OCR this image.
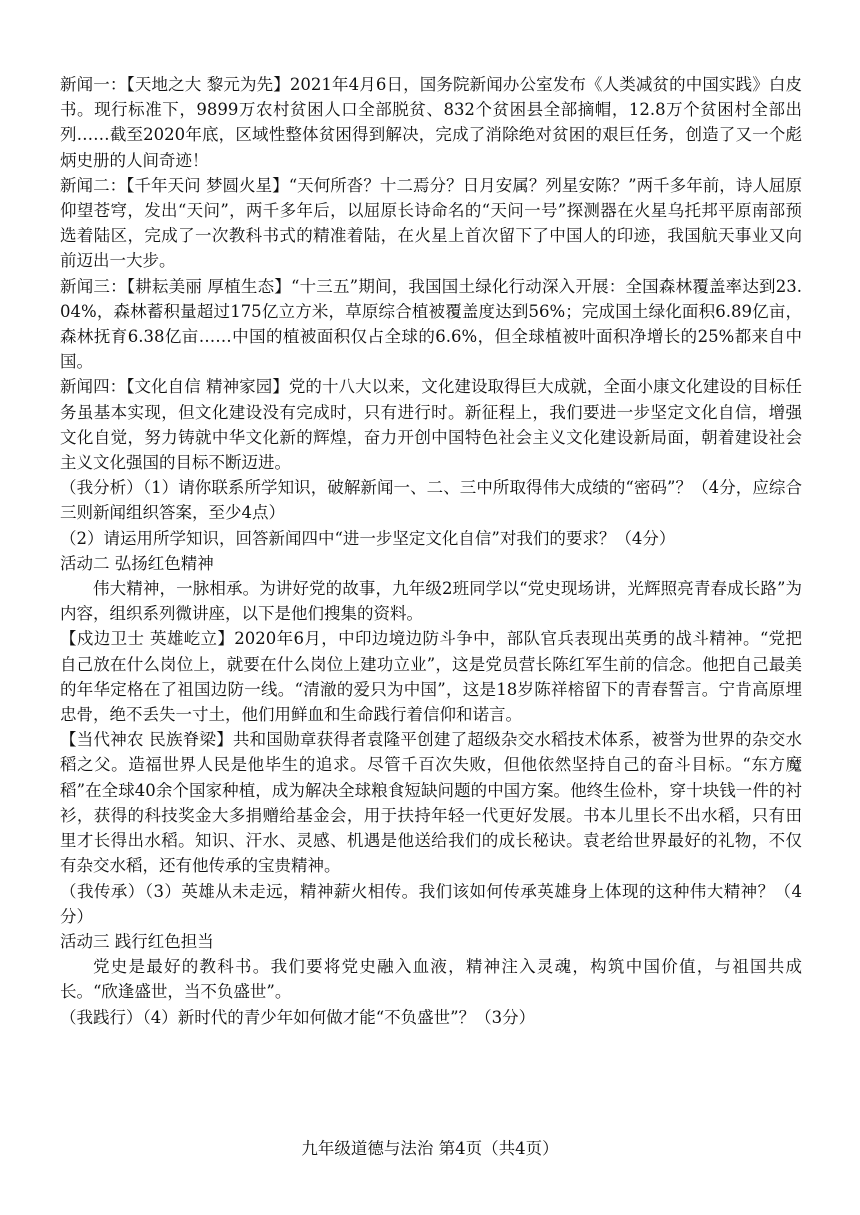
新闻一：【天地之大 黎元为先】2021年4月6日，国务院新闻办公室发布《人类减贫的中国实践》白皮书。现行标准下，9899万农村贫困人口全部脱贫、832个贫困县全部摘帽，12.8万个贫困村全部出列……截至2020年底，区域性整体贫困得到解决，完成了消除绝对贫困的艰巨任务，创造了又一个彪炳史册的人间奇迹！

新闻二：【千年天问 梦圆火星】“天何所沓？十二焉分？日月安属？列星安陈？”两千多年前，诗人屈原仰望苍穹，发出“天问”，两千多年后，以屈原长诗命名的“天问一号”探测器在火星乌托邦平原南部预选着陆区，完成了一次教科书式的精准着陆，在火星上首次留下了中国人的印迹，我国航天事业又向前迈出一大步。

新闻三：【耕耘美丽 厚植生态】“十三五”期间，我国国土绿化行动深入开展：全国森林覆盖率达到23.04%，森林蓄积量超过175亿立方米，草原综合植被覆盖度达到56%；完成国土绿化面积6.89亿亩，森林抚育6.38亿亩……中国的植被面积仅占全球的6.6%，但全球植被叶面积净增长的25%都来自中国。

新闻四：【文化自信 精神家园】党的十八大以来，文化建设取得巨大成就，全面小康文化建设的目标任务虽基本实现，但文化建设没有完成时，只有进行时。新征程上，我们要进一步坚定文化自信，增强文化自觉，努力铸就中华文化新的辉煌，奋力开创中国特色社会主义文化建设新局面，朝着建设社会主义文化强国的目标不断迈进。

（我分析）（1）请你联系所学知识，破解新闻一、二、三中所取得伟大成绩的“密码”？（4分，应综合三则新闻组织答案，至少4点）

（2）请运用所学知识，回答新闻四中“进一步坚定文化自信”对我们的要求？（4分）

活动二 弘扬红色精神

伟大精神，一脉相承。为讲好党的故事，九年级2班同学以“党史现场讲，光辉照亮青春成长路”为内容，组织系列微讲座，以下是他们搜集的资料。

【戍边卫士 英雄屹立】2020年6月，中印边境边防斗争中，部队官兵表现出英勇的战斗精神。“党把自己放在什么岗位上，就要在什么岗位上建功立业”，这是党员营长陈红军生前的信念。他把自己最美的年华定格在了祖国边防一线。“清澈的爱只为中国”，这是18岁陈祥榕留下的青春誓言。宁肯高原埋忠骨，绝不丢失一寸土，他们用鲜血和生命践行着信仰和诺言。

【当代神农 民族脊梁】共和国勋章获得者袁隆平创建了超级杂交水稻技术体系，被誉为世界的杂交水稻之父。造福世界人民是他毕生的追求。尽管千百次失败，但他依然坚持自己的奋斗目标。“东方魔稻”在全球40余个国家种植，成为解决全球粮食短缺问题的中国方案。他终生俭朴，穿十块钱一件的衬衫，获得的科技奖金大多捐赠给基金会，用于扶持年轻一代更好发展。书本儿里长不出水稻，只有田里才长得出水稻。知识、汗水、灵感、机遇是他送给我们的成长秘诀。袁老给世界最好的礼物，不仅有杂交水稻，还有他传承的宝贵精神。

（我传承）（3）英雄从未走远，精神薪火相传。我们该如何传承英雄身上体现的这种伟大精神？（4分）

活动三 践行红色担当

党史是最好的教科书。我们要将党史融入血液，精神注入灵魂，构筑中国价值，与祖国共成长。“欣逢盛世，当不负盛世”。

（我践行）（4）新时代的青少年如何做才能“不负盛世”？（3分）

九年级道德与法治 第4页（共4页）
